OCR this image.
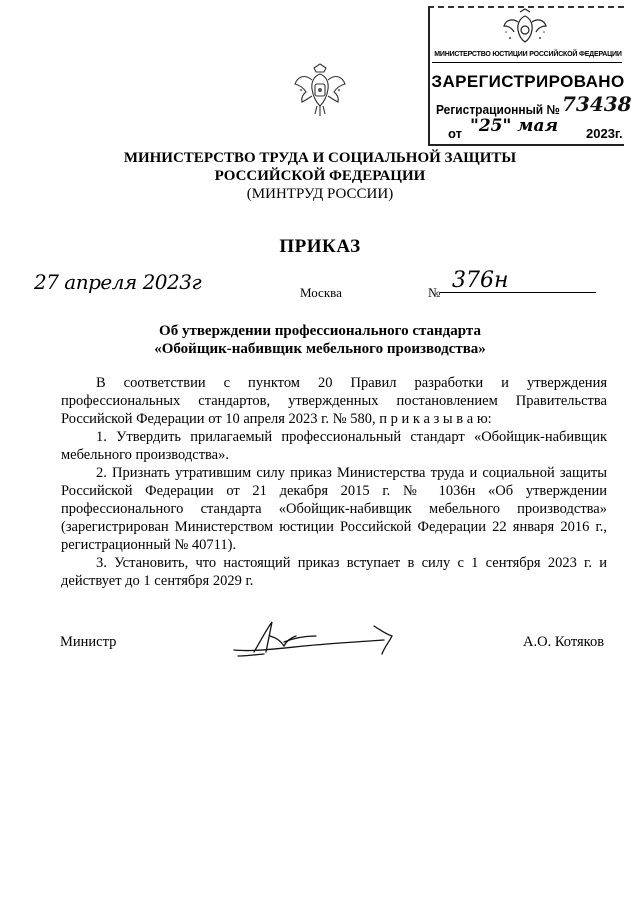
МИНИСТЕРСТВО ЮСТИЦИИ РОССИЙСКОЙ ФЕДЕРАЦИИ
ЗАРЕГИСТРИРОВАНО
Регистрационный № 73438
от "25" мая 2023г.
МИНИСТЕРСТВО ТРУДА И СОЦИАЛЬНОЙ ЗАЩИТЫ
РОССИЙСКОЙ ФЕДЕРАЦИИ
(МИНТРУД РОССИИ)
ПРИКАЗ
27 апреля 2023г	Москва	№ 376н
Об утверждении профессионального стандарта
«Обойщик-набивщик мебельного производства»

В соответствии с пунктом 20 Правил разработки и утверждения профессиональных стандартов, утвержденных постановлением Правительства Российской Федерации от 10 апреля 2023 г. № 580, п р и к а з ы в а ю:

1. Утвердить прилагаемый профессиональный стандарт «Обойщик-набивщик мебельного производства».

2. Признать утратившим силу приказ Министерства труда и социальной защиты Российской Федерации от 21 декабря 2015 г. № 1036н «Об утверждении профессионального стандарта «Обойщик-набивщик мебельного производства» (зарегистрирован Министерством юстиции Российской Федерации 22 января 2016 г., регистрационный № 40711).

3. Установить, что настоящий приказ вступает в силу с 1 сентября 2023 г. и действует до 1 сентября 2029 г.

Министр	А.О. Котяков
